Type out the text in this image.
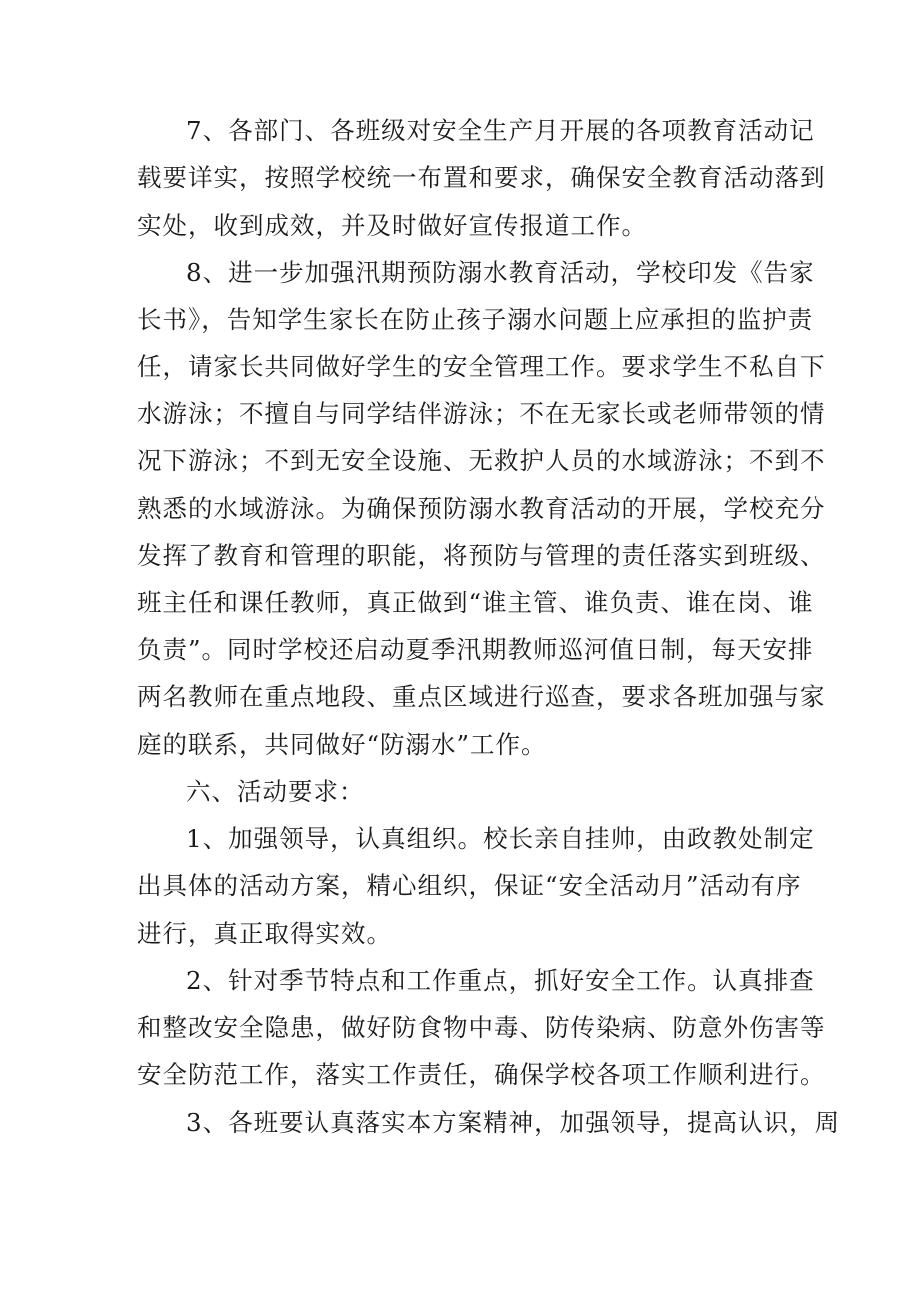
7、各部门、各班级对安全生产月开展的各项教育活动记
载要详实，按照学校统一布置和要求，确保安全教育活动落到
实处，收到成效，并及时做好宣传报道工作。
8、进一步加强汛期预防溺水教育活动，学校印发《告家
长书》，告知学生家长在防止孩子溺水问题上应承担的监护责
任，请家长共同做好学生的安全管理工作。要求学生不私自下
水游泳；不擅自与同学结伴游泳；不在无家长或老师带领的情
况下游泳；不到无安全设施、无救护人员的水域游泳；不到不
熟悉的水域游泳。为确保预防溺水教育活动的开展，学校充分
发挥了教育和管理的职能，将预防与管理的责任落实到班级、
班主任和课任教师，真正做到“谁主管、谁负责、谁在岗、谁
负责”。同时学校还启动夏季汛期教师巡河值日制，每天安排
两名教师在重点地段、重点区域进行巡查，要求各班加强与家
庭的联系，共同做好“防溺水”工作。
六、活动要求：
1、加强领导，认真组织。校长亲自挂帅，由政教处制定
出具体的活动方案，精心组织，保证“安全活动月”活动有序
进行，真正取得实效。
2、针对季节特点和工作重点，抓好安全工作。认真排查
和整改安全隐患，做好防食物中毒、防传染病、防意外伤害等
安全防范工作，落实工作责任，确保学校各项工作顺利进行。
3、各班要认真落实本方案精神，加强领导，提高认识，周
